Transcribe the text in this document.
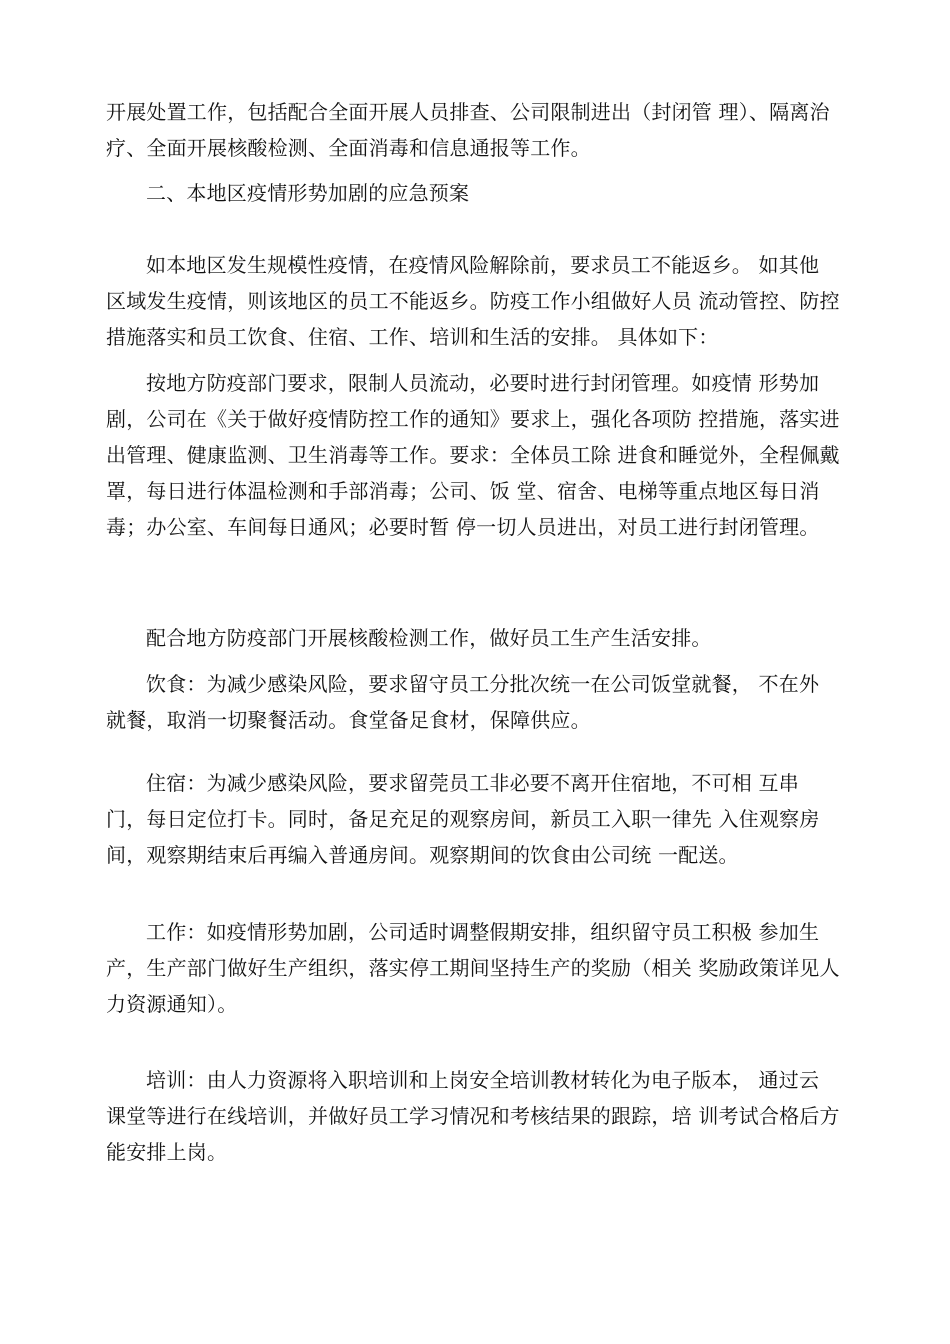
开展处置工作，包括配合全面开展人员排查、公司限制进出（封闭管 理）、隔离治
疗、全面开展核酸检测、全面消毒和信息通报等工作。
二、本地区疫情形势加剧的应急预案
如本地区发生规模性疫情，在疫情风险解除前，要求员工不能返乡。 如其他
区域发生疫情，则该地区的员工不能返乡。防疫工作小组做好人员 流动管控、防控
措施落实和员工饮食、住宿、工作、培训和生活的安排。 具体如下：
按地方防疫部门要求，限制人员流动，必要时进行封闭管理。如疫情 形势加
剧，公司在《关于做好疫情防控工作的通知》要求上，强化各项防 控措施，落实进
出管理、健康监测、卫生消毒等工作。要求：全体员工除 进食和睡觉外，全程佩戴
罩，每日进行体温检测和手部消毒；公司、饭 堂、宿舍、电梯等重点地区每日消
毒；办公室、车间每日通风；必要时暂 停一切人员进出，对员工进行封闭管理。
配合地方防疫部门开展核酸检测工作，做好员工生产生活安排。
饮食：为减少感染风险，要求留守员工分批次统一在公司饭堂就餐， 不在外
就餐，取消一切聚餐活动。食堂备足食材，保障供应。
住宿：为减少感染风险，要求留莞员工非必要不离开住宿地，不可相 互串
门，每日定位打卡。同时，备足充足的观察房间，新员工入职一律先 入住观察房
间，观察期结束后再编入普通房间。观察期间的饮食由公司统 一配送。
工作：如疫情形势加剧，公司适时调整假期安排，组织留守员工积极 参加生
产，生产部门做好生产组织，落实停工期间坚持生产的奖励（相关 奖励政策详见人
力资源通知）。
培训：由人力资源将入职培训和上岗安全培训教材转化为电子版本， 通过云
课堂等进行在线培训，并做好员工学习情况和考核结果的跟踪，培 训考试合格后方
能安排上岗。
